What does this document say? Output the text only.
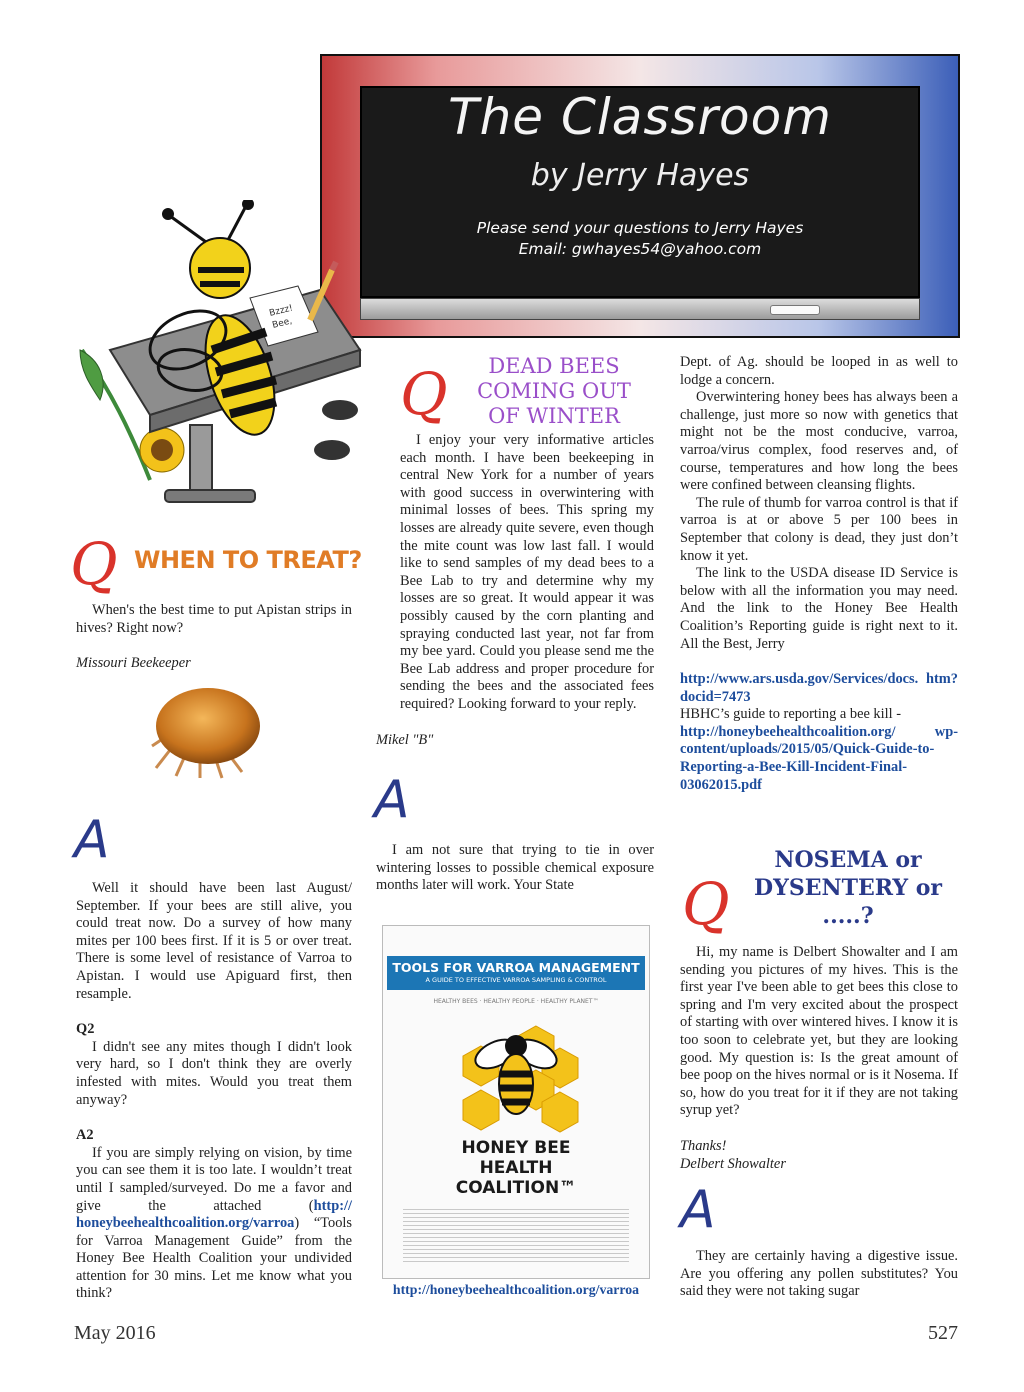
The Classroom
by Jerry Hayes
Please send your questions to Jerry Hayes
Email: gwhayes54@yahoo.com
Bzzz!
Bee,
Q WHEN TO TREAT?

When's the best time to put Apistan strips in hives? Right now?

Missouri Beekeeper

A

Well it should have been last August/ September. If your bees are still alive, you could treat now. Do a survey of how many mites per 100 bees first. If it is 5 or over treat. There is some level of resistance of Varroa to Apistan. I would use Apiguard first, then resample.

Q2

I didn't see any mites though I didn't look very hard, so I don't think they are overly infested with mites. Would you treat them anyway?

A2

If you are simply relying on vision, by time you can see them it is too late. I wouldn’t treat until I sampled/surveyed. Do me a favor and give the attached (http:// honeybeehealthcoalition.org/varroa) “Tools for Varroa Management Guide” from the Honey Bee Health Coalition your undivided attention for 30 mins. Let me know what you think?

Q	DEAD BEES
COMING OUT
OF WINTER

I enjoy your very informative articles each month. I have been beekeeping in central New York for a number of years with good success in overwintering with minimal losses of bees. This spring my losses are already quite severe, even though the mite count was low last fall. I would like to send samples of my dead bees to a Bee Lab to try and determine why my losses are so great. It would appear it was possibly caused by the corn planting and spraying conducted last year, not far from my bee yard. Could you please send me the Bee Lab address and proper procedure for sending the bees and the associated fees required? Looking forward to your reply.

Mikel "B"

A

I am not sure that trying to tie in over wintering losses to possible chemical exposure months later will work. Your State

TOOLS FOR VARROA MANAGEMENT
A GUIDE TO EFFECTIVE VARROA SAMPLING & CONTROL
HEALTHY BEES · HEALTHY PEOPLE · HEALTHY PLANET™
HONEY BEE
HEALTH
COALITION™
http://honeybeehealthcoalition.org/varroa

Dept. of Ag. should be looped in as well to lodge a concern.

Overwintering honey bees has always been a challenge, just more so now with genetics that might not be the most conducive, varroa, varroa/virus complex, food reserves and, of course, temperatures and how long the bees were confined between cleansing flights.

The rule of thumb for varroa control is that if varroa is at or above 5 per 100 bees in September that colony is dead, they just don’t know it yet.

The link to the USDA disease ID Service is below with all the information you may need. And the link to the Honey Bee Health Coalition’s Reporting guide is right next to it. All the Best, Jerry

http://www.ars.usda.gov/Services/docs. htm?docid=7473

HBHC’s guide to reporting a bee kill -

http://honeybeehealthcoalition.org/ wp-content/uploads/2015/05/Quick-Guide-to-Reporting-a-Bee-Kill-Incident-Final-03062015.pdf

Q
NOSEMA or
DYSENTERY or
.....?

Hi, my name is Delbert Showalter and I am sending you pictures of my hives. This is the first year I've been able to get bees this close to spring and I'm very excited about the prospect of starting with over wintered hives. I know it is too soon to celebrate yet, but they are looking good. My question is: Is the great amount of bee poop on the hives normal or is it Nosema. If so, how do you treat for it if they are not taking syrup yet?

Thanks!

Delbert Showalter

A

They are certainly having a digestive issue. Are you offering any pollen substitutes? You said they were not taking sugar

May 2016	527
